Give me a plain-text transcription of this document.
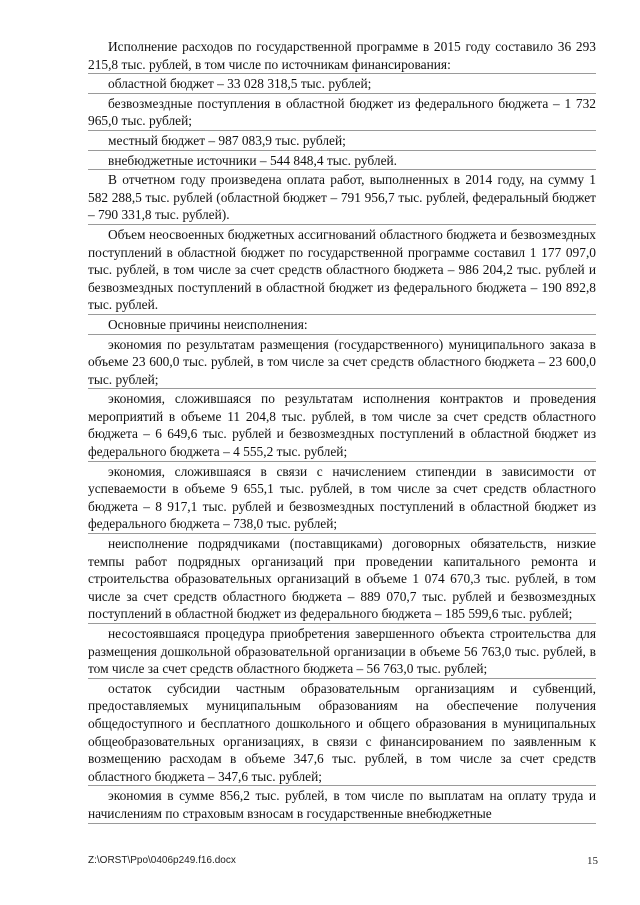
Исполнение расходов по государственной программе в 2015 году составило 36 293 215,8 тыс. рублей, в том числе по источникам финансирования:

областной бюджет – 33 028 318,5 тыс. рублей;

безвозмездные поступления в областной бюджет из федерального бюджета – 1 732 965,0 тыс. рублей;

местный бюджет – 987 083,9 тыс. рублей;

внебюджетные источники – 544 848,4 тыс. рублей.

В отчетном году произведена оплата работ, выполненных в 2014 году, на сумму 1 582 288,5 тыс. рублей (областной бюджет – 791 956,7 тыс. рублей, федеральный бюджет – 790 331,8 тыс. рублей).

Объем неосвоенных бюджетных ассигнований областного бюджета и безвозмездных поступлений в областной бюджет по государственной программе составил 1 177 097,0 тыс. рублей, в том числе за счет средств областного бюджета – 986 204,2 тыс. рублей и безвозмездных поступлений в областной бюджет из федерального бюджета – 190 892,8 тыс. рублей.

Основные причины неисполнения:

экономия по результатам размещения (государственного) муниципального заказа в объеме 23 600,0 тыс. рублей, в том числе за счет средств областного бюджета – 23 600,0 тыс. рублей;

экономия, сложившаяся по результатам исполнения контрактов и проведения мероприятий в объеме 11 204,8 тыс. рублей, в том числе за счет средств областного бюджета – 6 649,6 тыс. рублей и безвозмездных поступлений в областной бюджет из федерального бюджета – 4 555,2 тыс. рублей;

экономия, сложившаяся в связи с начислением стипендии в зависимости от успеваемости в объеме 9 655,1 тыс. рублей, в том числе за счет средств областного бюджета – 8 917,1 тыс. рублей и безвозмездных поступлений в областной бюджет из федерального бюджета – 738,0 тыс. рублей;

неисполнение подрядчиками (поставщиками) договорных обязательств, низкие темпы работ подрядных организаций при проведении капитального ремонта и строительства образовательных организаций в объеме 1 074 670,3 тыс. рублей, в том числе за счет средств областного бюджета – 889 070,7 тыс. рублей и безвозмездных поступлений в областной бюджет из федерального бюджета – 185 599,6 тыс. рублей;

несостоявшаяся процедура приобретения завершенного объекта строительства для размещения дошкольной образовательной организации в объеме 56 763,0 тыс. рублей, в том числе за счет средств областного бюджета – 56 763,0 тыс. рублей;

остаток субсидии частным образовательным организациям и субвенций, предоставляемых муниципальным образованиям на обеспечение получения общедоступного и бесплатного дошкольного и общего образования в муниципальных общеобразовательных организациях, в связи с финансированием по заявленным к возмещению расходам в объеме 347,6 тыс. рублей, в том числе за счет средств областного бюджета – 347,6 тыс. рублей;

экономия в сумме 856,2 тыс. рублей, в том числе по выплатам на оплату труда и начислениям по страховым взносам в государственные внебюджетные

Z:\ORST\Ppo\0406p249.f16.docx	15
